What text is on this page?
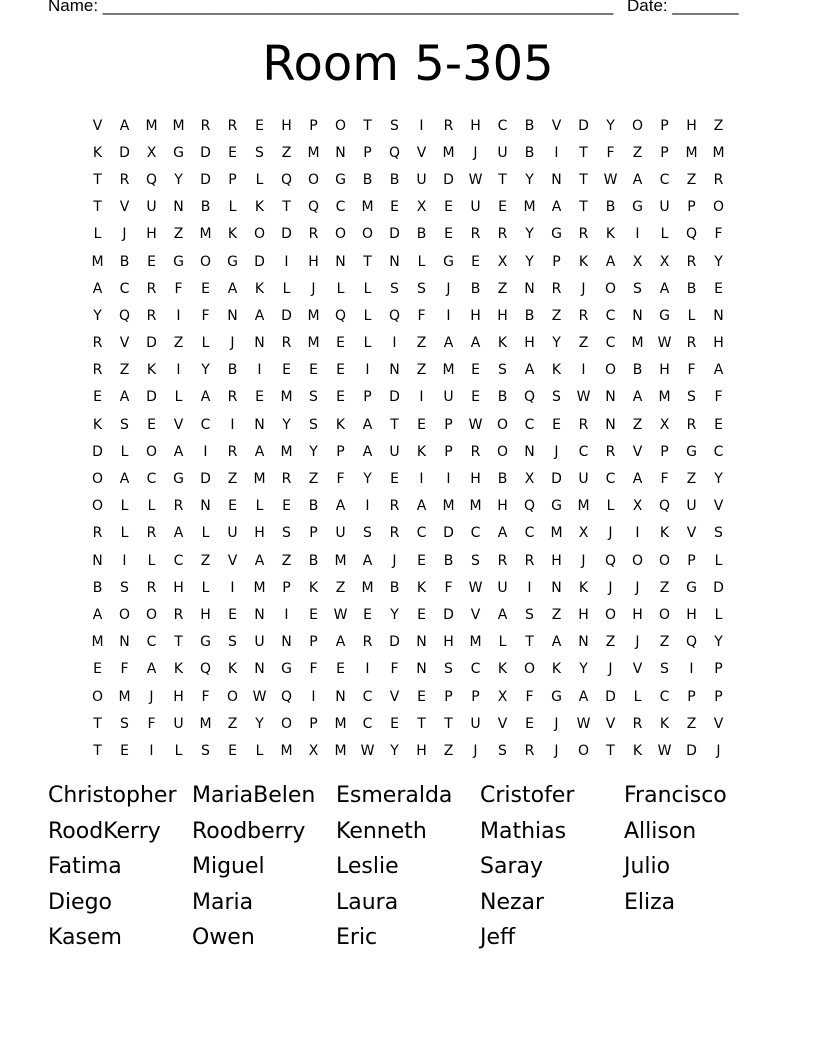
Name: ______________________________________________________ Date: _______
Room 5-305
V	A	M	M	R	R	E	H	P	O	T	S	I	R	H	C	B	V	D	Y	O	P	H	Z
K	D	X	G	D	E	S	Z	M	N	P	Q	V	M	J	U	B	I	T	F	Z	P	M	M
T	R	Q	Y	D	P	L	Q	O	G	B	B	U	D	W	T	Y	N	T	W	A	C	Z	R
T	V	U	N	B	L	K	T	Q	C	M	E	X	E	U	E	M	A	T	B	G	U	P	O
L	J	H	Z	M	K	O	D	R	O	O	D	B	E	R	R	Y	G	R	K	I	L	Q	F
M	B	E	G	O	G	D	I	H	N	T	N	L	G	E	X	Y	P	K	A	X	X	R	Y
A	C	R	F	E	A	K	L	J	L	L	S	S	J	B	Z	N	R	J	O	S	A	B	E
Y	Q	R	I	F	N	A	D	M	Q	L	Q	F	I	H	H	B	Z	R	C	N	G	L	N
R	V	D	Z	L	J	N	R	M	E	L	I	Z	A	A	K	H	Y	Z	C	M	W	R	H
R	Z	K	I	Y	B	I	E	E	E	I	N	Z	M	E	S	A	K	I	O	B	H	F	A
E	A	D	L	A	R	E	M	S	E	P	D	I	U	E	B	Q	S	W	N	A	M	S	F
K	S	E	V	C	I	N	Y	S	K	A	T	E	P	W	O	C	E	R	N	Z	X	R	E
D	L	O	A	I	R	A	M	Y	P	A	U	K	P	R	O	N	J	C	R	V	P	G	C
O	A	C	G	D	Z	M	R	Z	F	Y	E	I	I	H	B	X	D	U	C	A	F	Z	Y
O	L	L	R	N	E	L	E	B	A	I	R	A	M	M	H	Q	G	M	L	X	Q	U	V
R	L	R	A	L	U	H	S	P	U	S	R	C	D	C	A	C	M	X	J	I	K	V	S
N	I	L	C	Z	V	A	Z	B	M	A	J	E	B	S	R	R	H	J	Q	O	O	P	L
B	S	R	H	L	I	M	P	K	Z	M	B	K	F	W	U	I	N	K	J	J	Z	G	D
A	O	O	R	H	E	N	I	E	W	E	Y	E	D	V	A	S	Z	H	O	H	O	H	L
M	N	C	T	G	S	U	N	P	A	R	D	N	H	M	L	T	A	N	Z	J	Z	Q	Y
E	F	A	K	Q	K	N	G	F	E	I	F	N	S	C	K	O	K	Y	J	V	S	I	P
O	M	J	H	F	O	W	Q	I	N	C	V	E	P	P	X	F	G	A	D	L	C	P	P
T	S	F	U	M	Z	Y	O	P	M	C	E	T	T	U	V	E	J	W	V	R	K	Z	V
T	E	I	L	S	E	L	M	X	M	W	Y	H	Z	J	S	R	J	O	T	K	W	D	J
Christopher MariaBelen Esmeralda	Cristofer	Francisco
RoodKerry	Roodberry	Kenneth	Mathias	Allison
Fatima	Miguel	Leslie	Saray	Julio
Diego	Maria	Laura	Nezar	Eliza
Kasem	Owen	Eric	Jeff
